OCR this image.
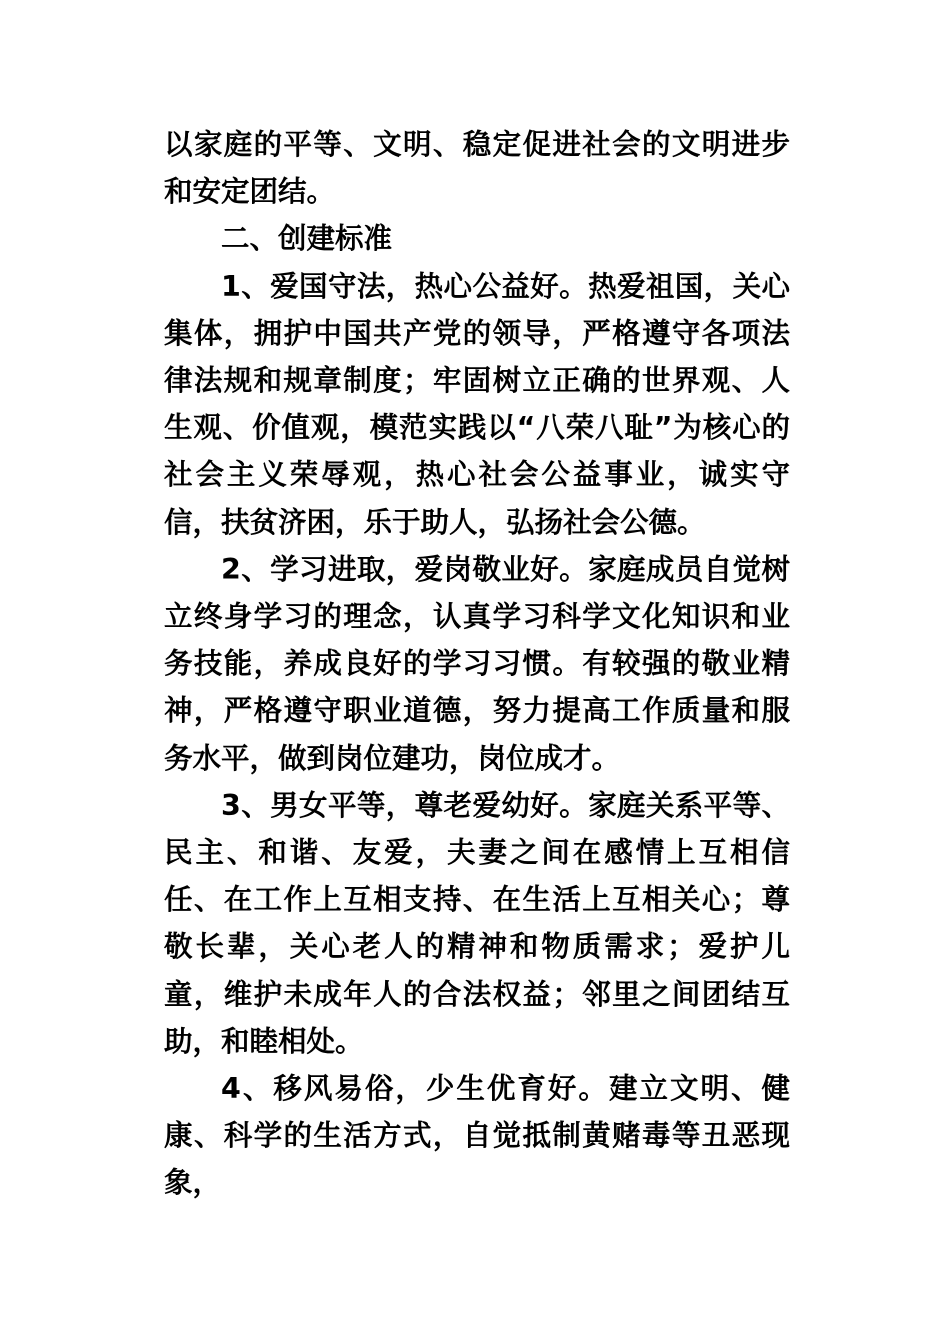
以家庭的平等、文明、稳定促进社会的文明进步和安定团结。

二、创建标准

1、爱国守法，热心公益好。热爱祖国，关心集体，拥护中国共产党的领导，严格遵守各项法律法规和规章制度；牢固树立正确的世界观、人生观、价值观，模范实践以“八荣八耻”为核心的社会主义荣辱观，热心社会公益事业，诚实守信，扶贫济困，乐于助人，弘扬社会公德。

2、学习进取，爱岗敬业好。家庭成员自觉树立终身学习的理念，认真学习科学文化知识和业务技能，养成良好的学习习惯。有较强的敬业精神，严格遵守职业道德，努力提高工作质量和服务水平，做到岗位建功，岗位成才。

3、男女平等，尊老爱幼好。家庭关系平等、民主、和谐、友爱，夫妻之间在感情上互相信任、在工作上互相支持、在生活上互相关心；尊敬长辈，关心老人的精神和物质需求；爱护儿童，维护未成年人的合法权益；邻里之间团结互助，和睦相处。

4、移风易俗，少生优育好。建立文明、健康、科学的生活方式，自觉抵制黄赌毒等丑恶现象，
